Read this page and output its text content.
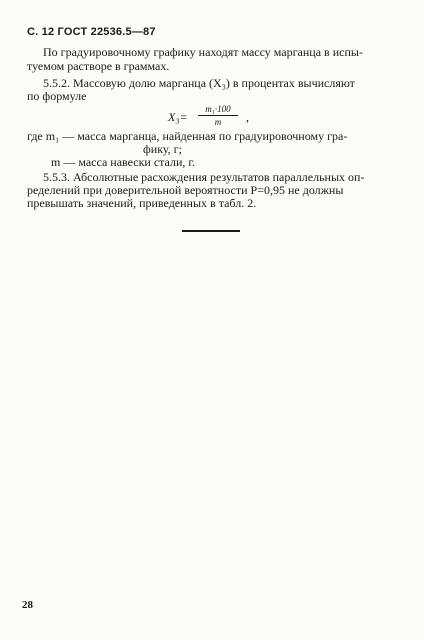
С. 12 ГОСТ 22536.5—87
По градуировочному графику находят массу марганца в испы-
туемом растворе в граммах.
5.5.2. Массовую долю марганца (X₃) в процентах вычисляют
по формуле
$X_3= \frac{\text{m₁·100}}{m}$ ,
где m₁ — масса марганца, найденная по градуировочному гра-
фику, г;
m — масса навески стали, г.
5.5.3. Абсолютные расхождения результатов параллельных оп-
ределений при доверительной вероятности P=0,95 не должны
превышать значений, приведенных в табл. 2.
28
